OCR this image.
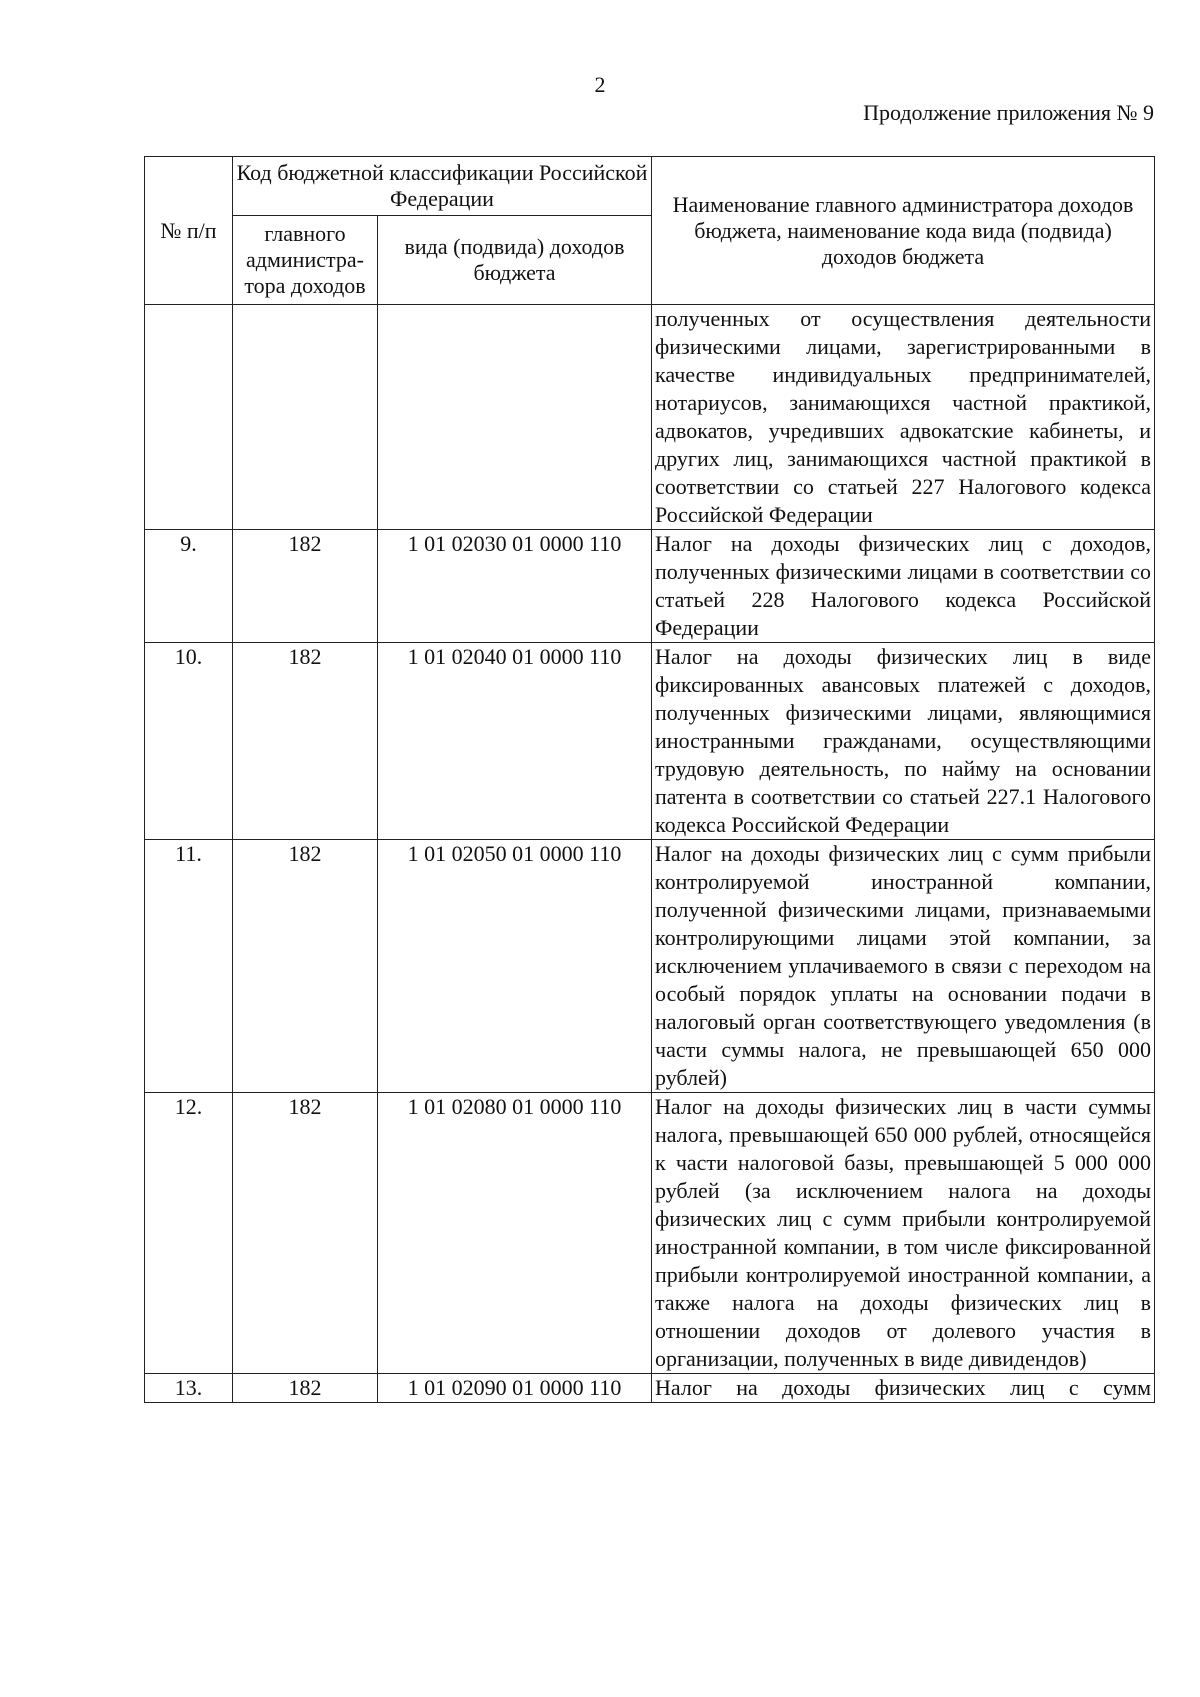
2
Продолжение приложения № 9
№ п/п	Код бюджетной классификации Российской Федерации		Наименование главного администратора доходов бюджета, наименование кода вида (подвида) доходов бюджета
	главного администра-тора доходов	вида (подвида) доходов бюджета	
			полученных от осуществления деятельности физическими лицами, зарегистрированными в качестве индивидуальных предпринимателей, нотариусов, занимающихся частной практикой, адвокатов, учредивших адвокатские кабинеты, и других лиц, занимающихся частной практикой в соответствии со статьей 227 Налогового кодекса Российской Федерации
9.	182	1 01 02030 01 0000 110	Налог на доходы физических лиц с доходов, полученных физическими лицами в соответствии со статьей 228 Налогового кодекса Российской Федерации
10.	182	1 01 02040 01 0000 110	Налог на доходы физических лиц в виде фиксированных авансовых платежей с доходов, полученных физическими лицами, являющимися иностранными гражданами, осуществляющими трудовую деятельность, по найму на основании патента в соответствии со статьей 227.1 Налогового кодекса Российской Федерации
11.	182	1 01 02050 01 0000 110	Налог на доходы физических лиц с сумм прибыли контролируемой иностранной компании, полученной физическими лицами, признаваемыми контролирующими лицами этой компании, за исключением уплачиваемого в связи с переходом на особый порядок уплаты на основании подачи в налоговый орган соответствующего уведомления (в части суммы налога, не превышающей 650 000 рублей)
12.	182	1 01 02080 01 0000 110	Налог на доходы физических лиц в части суммы налога, превышающей 650 000 рублей, относящейся к части налоговой базы, превышающей 5 000 000 рублей (за исключением налога на доходы физических лиц с сумм прибыли контролируемой иностранной компании, в том числе фиксированной прибыли контролируемой иностранной компании, а также налога на доходы физических лиц в отношении доходов от долевого участия в организации, полученных в виде дивидендов)
13.	182	1 01 02090 01 0000 110	Налог на доходы физических лиц с сумм
